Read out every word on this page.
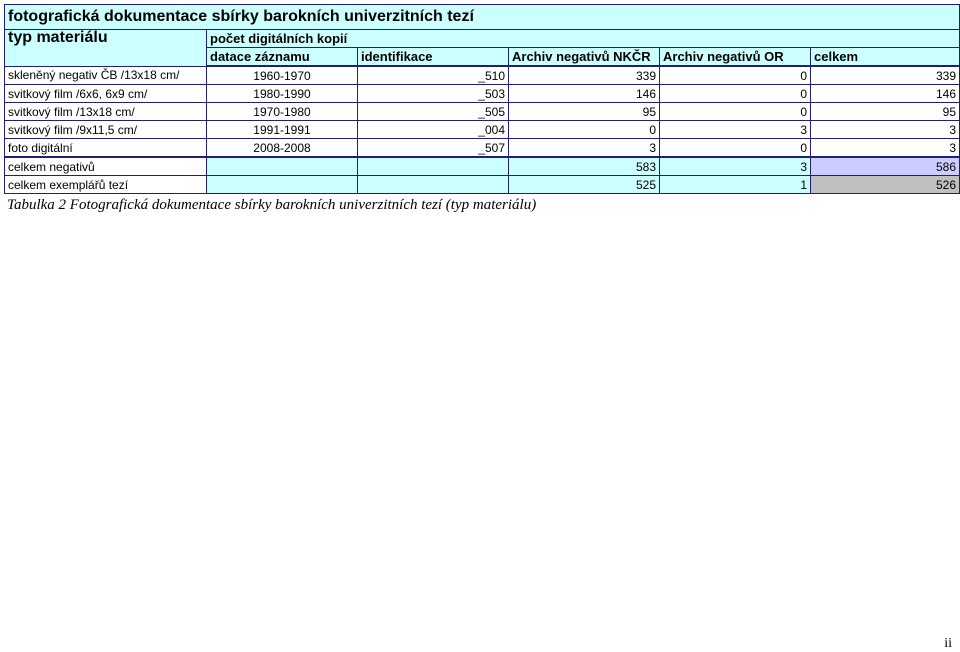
fotografická dokumentace sbírky barokních univerzitních tezí					
typ materiálu	počet digitálních kopií				
	datace záznamu	identifikace	Archiv negativů NKČR	Archiv negativů OR	celkem
skleněný negativ ČB /13x18 cm/	1960-1970	_510	339	0	339
svitkový film /6x6, 6x9 cm/	1980-1990	_503	146	0	146
svitkový film /13x18 cm/	1970-1980	_505	95	0	95
svitkový film /9x11,5 cm/	1991-1991	_004	0	3	3
foto digitální	2008-2008	_507	3	0	3
celkem negativů			583	3	586
celkem exemplářů tezí			525	1	526
Tabulka 2 Fotografická dokumentace sbírky barokních univerzitních tezí (typ materiálu)
ii
